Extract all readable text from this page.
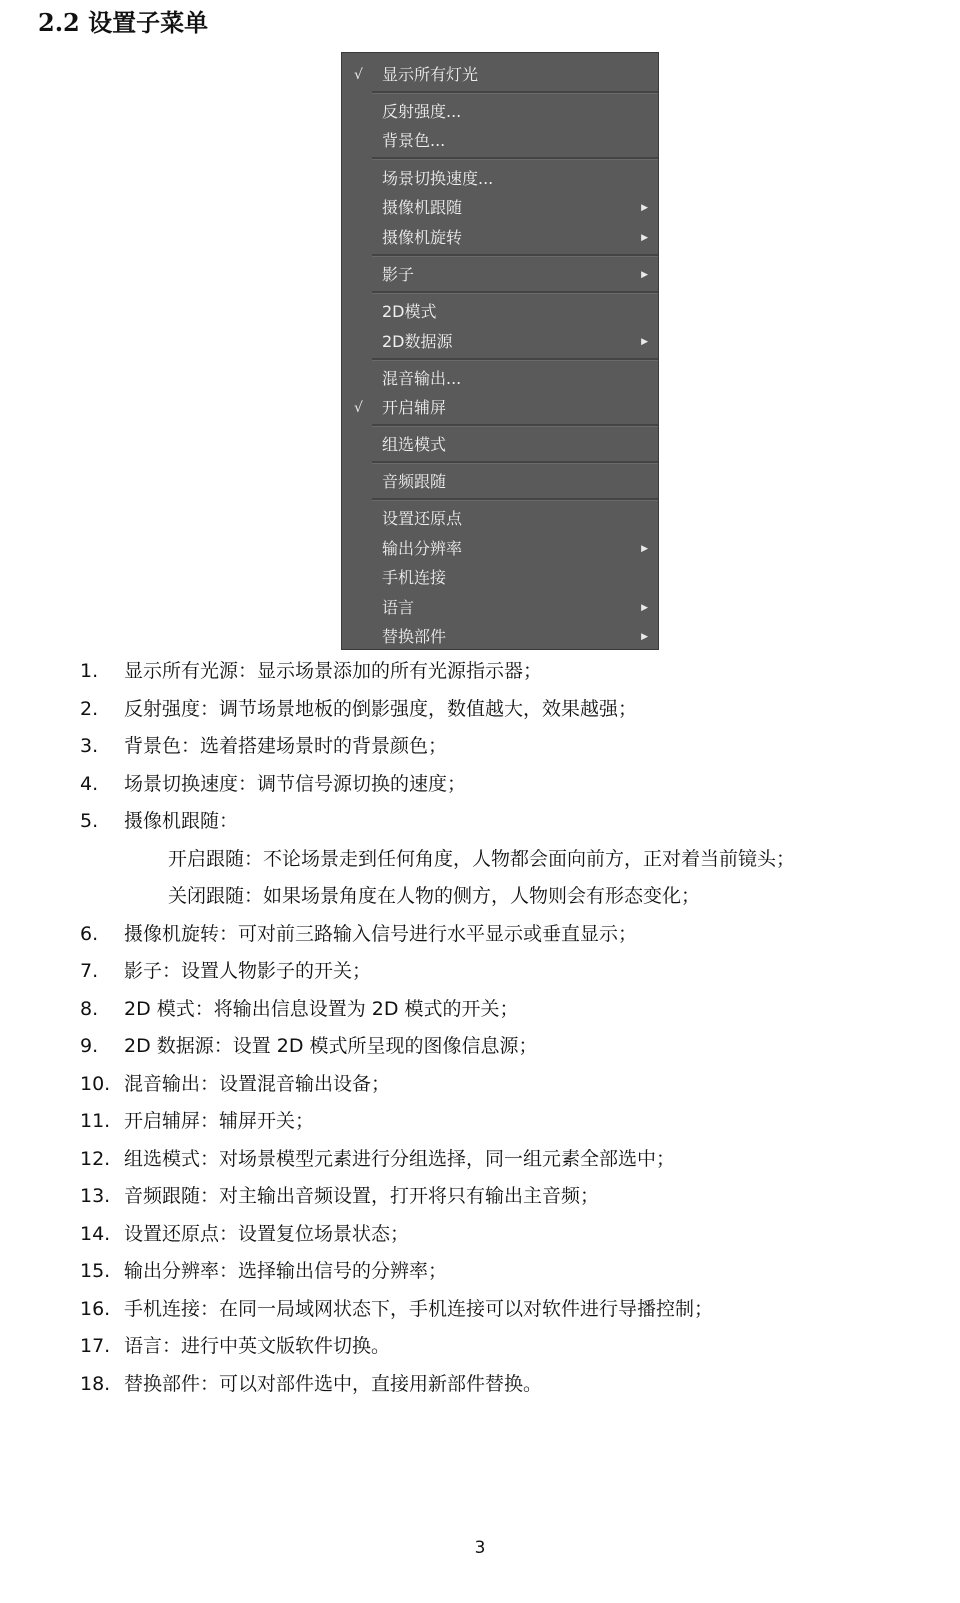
2.2 设置子菜单
√	显示所有灯光
反射强度...
背景色...
场景切换速度...
摄像机跟随	▶
摄像机旋转	▶
影子	▶
2D模式
2D数据源	▶
混音输出...
√	开启辅屏
组选模式
音频跟随
设置还原点
输出分辨率	▶
手机连接
语言	▶
替换部件	▶
1. 显示所有光源：显示场景添加的所有光源指示器；
2. 反射强度：调节场景地板的倒影强度，数值越大，效果越强；
3. 背景色：选着搭建场景时的背景颜色；
4. 场景切换速度：调节信号源切换的速度；
5. 摄像机跟随：
开启跟随：不论场景走到任何角度，人物都会面向前方，正对着当前镜头；
关闭跟随：如果场景角度在人物的侧方，人物则会有形态变化；
6. 摄像机旋转：可对前三路输入信号进行水平显示或垂直显示；
7. 影子：设置人物影子的开关；
8. 2D 模式：将输出信息设置为 2D 模式的开关；
9. 2D 数据源：设置 2D 模式所呈现的图像信息源；
10. 混音输出：设置混音输出设备；
11. 开启辅屏：辅屏开关；
12. 组选模式：对场景模型元素进行分组选择，同一组元素全部选中；
13. 音频跟随：对主输出音频设置，打开将只有输出主音频；
14. 设置还原点：设置复位场景状态；
15. 输出分辨率：选择输出信号的分辨率；
16. 手机连接：在同一局域网状态下，手机连接可以对软件进行导播控制；
17. 语言：进行中英文版软件切换。
18. 替换部件：可以对部件选中，直接用新部件替换。
3
